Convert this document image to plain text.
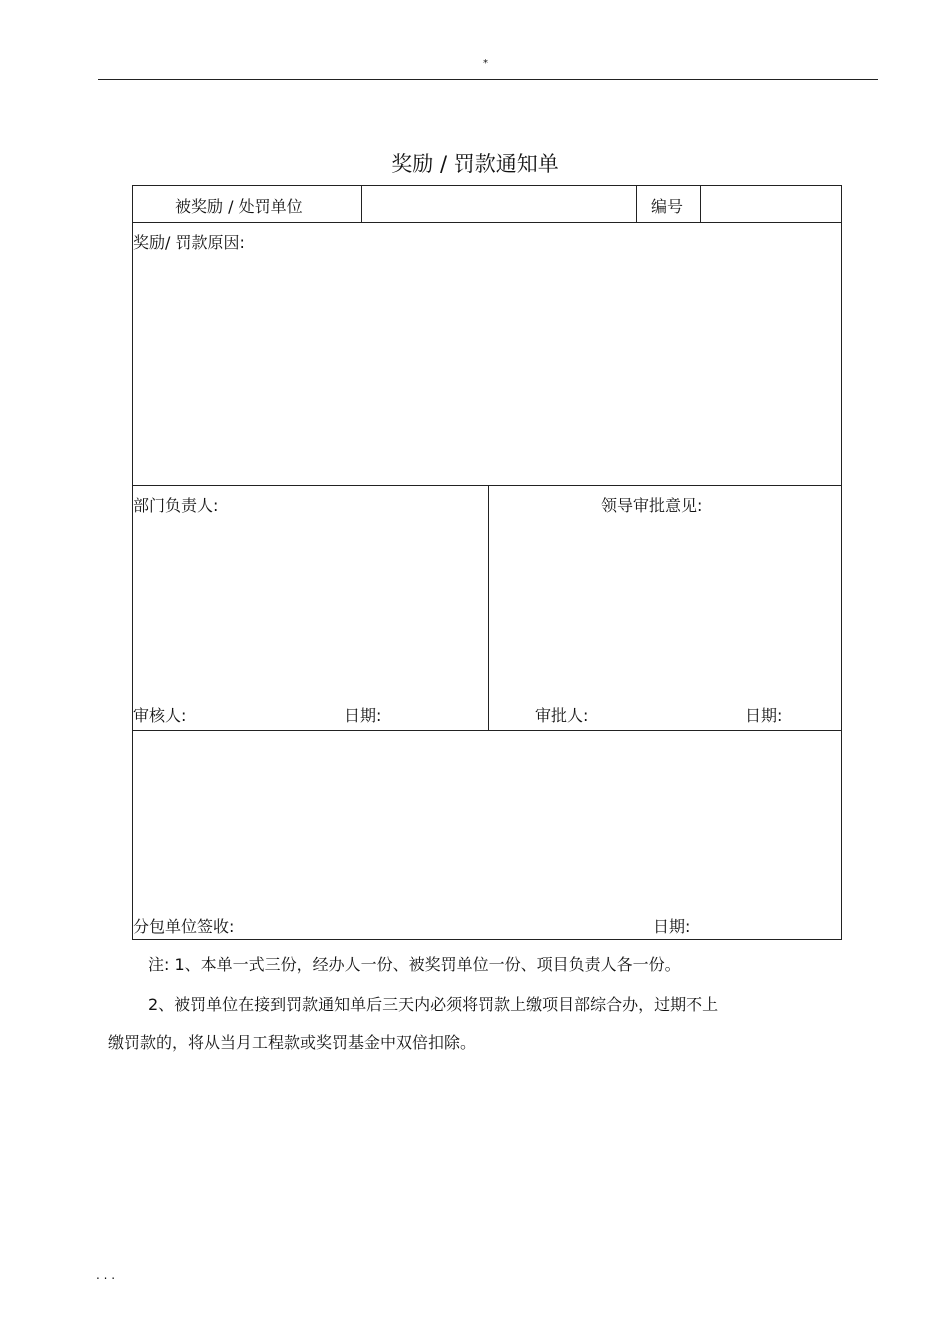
*
奖励 / 罚款通知单
被奖励 / 处罚单位	编号
奖励/ 罚款原因:
部门负责人:	领导审批意见:
审核人:	日期:	审批人:	日期:
分包单位签收:	日期:
注: 1、本单一式三份，经办人一份、被奖罚单位一份、项目负责人各一份。
2、被罚单位在接到罚款通知单后三天内必须将罚款上缴项目部综合办，过期不上
缴罚款的，将从当月工程款或奖罚基金中双倍扣除。
. . .
